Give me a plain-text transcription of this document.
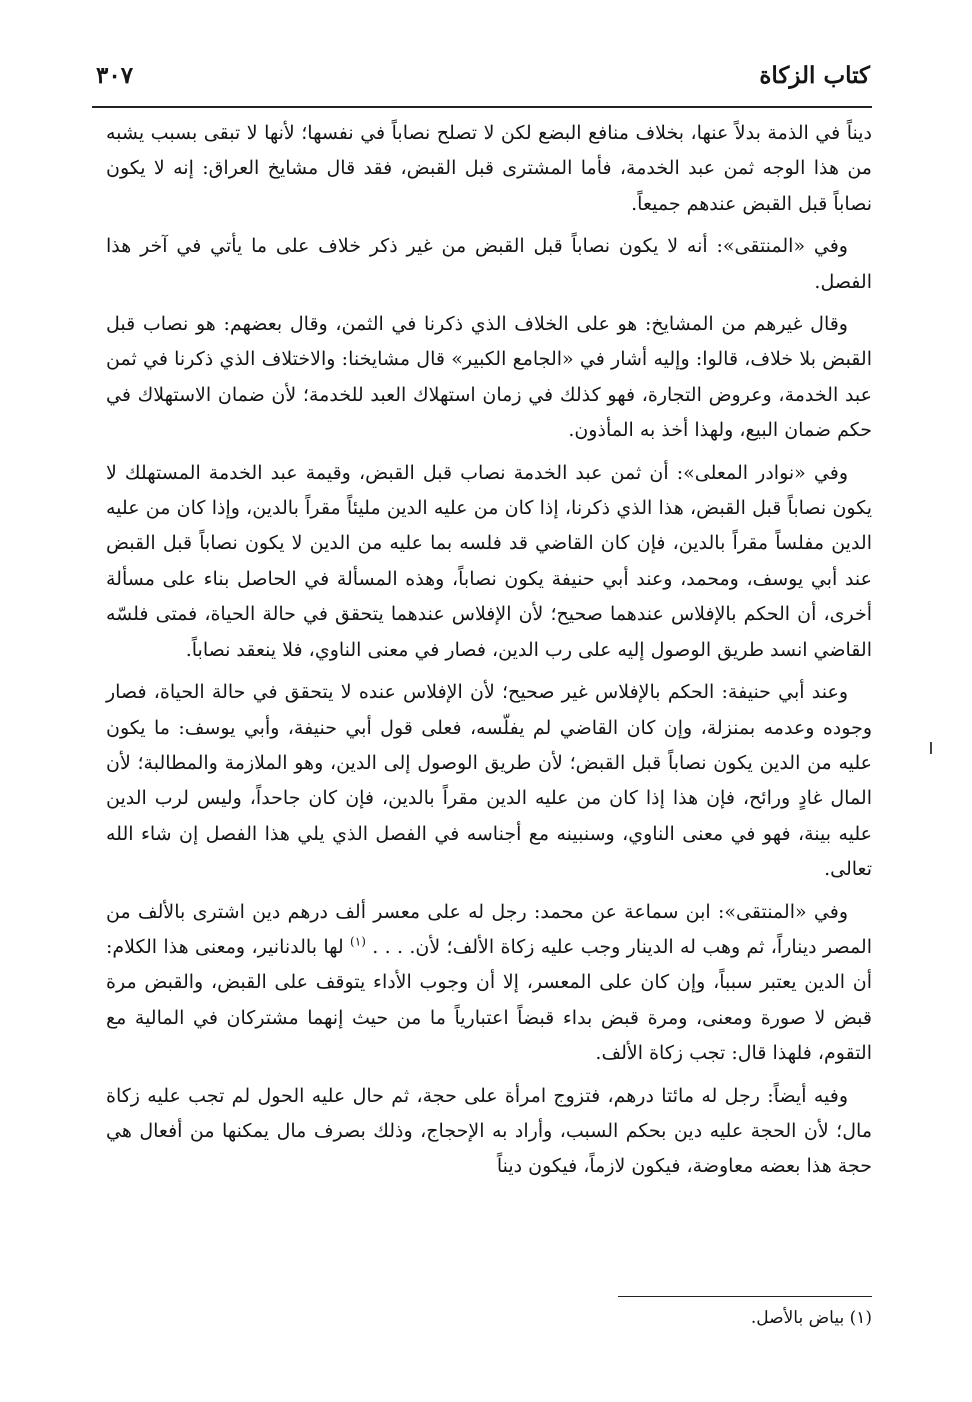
كتاب الزكاة
٣٠٧

ديناً في الذمة بدلاً عنها، بخلاف منافع البضع لكن لا تصلح نصاباً في نفسها؛ لأنها لا تبقى بسبب يشبه من هذا الوجه ثمن عبد الخدمة، فأما المشترى قبل القبض، فقد قال مشايخ العراق: إنه لا يكون نصاباً قبل القبض عندهم جميعاً.

وفي «المنتقى»: أنه لا يكون نصاباً قبل القبض من غير ذكر خلاف على ما يأتي في آخر هذا الفصل.

وقال غيرهم من المشايخ: هو على الخلاف الذي ذكرنا في الثمن، وقال بعضهم: هو نصاب قبل القبض بلا خلاف، قالوا: وإليه أشار في «الجامع الكبير» قال مشايخنا: والاختلاف الذي ذكرنا في ثمن عبد الخدمة، وعروض التجارة، فهو كذلك في زمان استهلاك العبد للخدمة؛ لأن ضمان الاستهلاك في حكم ضمان البيع، ولهذا أخذ به المأذون.

وفي «نوادر المعلى»: أن ثمن عبد الخدمة نصاب قبل القبض، وقيمة عبد الخدمة المستهلك لا يكون نصاباً قبل القبض، هذا الذي ذكرنا، إذا كان من عليه الدين مليئاً مقراً بالدين، وإذا كان من عليه الدين مفلساً مقراً بالدين، فإن كان القاضي قد فلسه بما عليه من الدين لا يكون نصاباً قبل القبض عند أبي يوسف، ومحمد، وعند أبي حنيفة يكون نصاباً، وهذه المسألة في الحاصل بناء على مسألة أخرى، أن الحكم بالإفلاس عندهما صحيح؛ لأن الإفلاس عندهما يتحقق في حالة الحياة، فمتى فلسّه القاضي انسد طريق الوصول إليه على رب الدين، فصار في معنى الناوي، فلا ينعقد نصاباً.

وعند أبي حنيفة: الحكم بالإفلاس غير صحيح؛ لأن الإفلاس عنده لا يتحقق في حالة الحياة، فصار وجوده وعدمه بمنزلة، وإن كان القاضي لم يفلّسه، فعلى قول أبي حنيفة، وأبي يوسف: ما يكون عليه من الدين يكون نصاباً قبل القبض؛ لأن طريق الوصول إلى الدين، وهو الملازمة والمطالبة؛ لأن المال غادٍ ورائح، فإن هذا إذا كان من عليه الدين مقراً بالدين، فإن كان جاحداً، وليس لرب الدين عليه بينة، فهو في معنى الناوي، وسنبينه مع أجناسه في الفصل الذي يلي هذا الفصل إن شاء الله تعالى.

وفي «المنتقى»: ابن سماعة عن محمد: رجل له على معسر ألف درهم دين اشترى بالألف من المصر ديناراً، ثم وهب له الدينار وجب عليه زكاة الألف؛ لأن. . . . $^{(١)}$ لها بالدنانير، ومعنى هذا الكلام: أن الدين يعتبر سبباً، وإن كان على المعسر، إلا أن وجوب الأداء يتوقف على القبض، والقبض مرة قبض لا صورة ومعنى، ومرة قبض بداء قبضاً اعتبارياً ما من حيث إنهما مشتركان في المالية مع التقوم، فلهذا قال: تجب زكاة الألف.

وفيه أيضاً: رجل له مائتا درهم، فتزوج امرأة على حجة، ثم حال عليه الحول لم تجب عليه زكاة مال؛ لأن الحجة عليه دين بحكم السبب، وأراد به الإحجاج، وذلك بصرف مال يمكنها من أفعال هي حجة هذا بعضه معاوضة، فيكون لازماً، فيكون ديناً

(١) بياض بالأصل.
